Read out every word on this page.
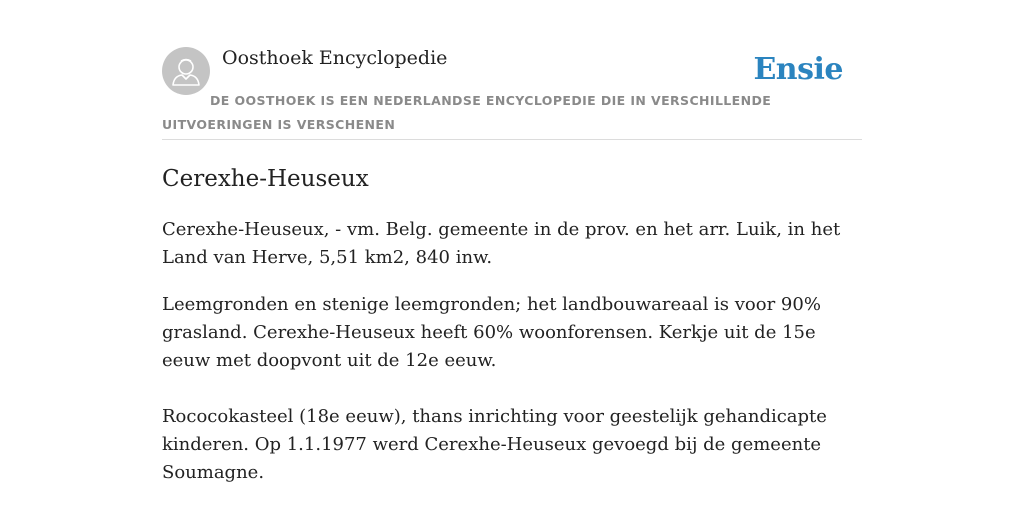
Oosthoek Encyclopedie	Ensie
DE OOSTHOEK IS EEN NEDERLANDSE ENCYCLOPEDIE DIE IN VERSCHILLENDE UITVOERINGEN IS VERSCHENEN
Cerexhe-Heuseux

Cerexhe-Heuseux, - vm. Belg. gemeente in de prov. en het arr. Luik, in het Land van Herve, 5,51 km2, 840 inw.

Leemgronden en stenige leemgronden; het landbouwareaal is voor 90% grasland. Cerexhe-Heuseux heeft 60% woonforensen. Kerkje uit de 15e eeuw met doopvont uit de 12e eeuw.

Rococokasteel (18e eeuw), thans inrichting voor geestelijk gehandicapte kinderen. Op 1.1.1977 werd Cerexhe-Heuseux gevoegd bij de gemeente Soumagne.
